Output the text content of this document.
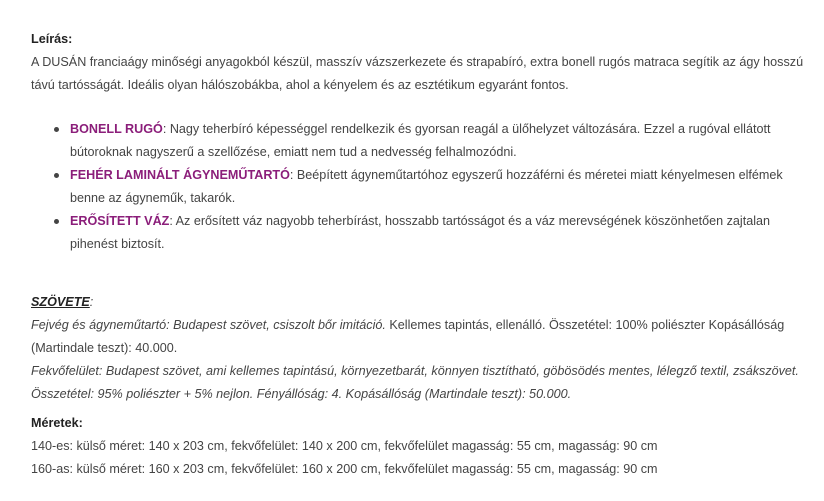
Leírás:
A DUSÁN franciaágy minőségi anyagokból készül, masszív vázszerkezete és strapabíró, extra bonell rugós matraca segítik az ágy hosszú távú tartósságát. Ideális olyan hálószobákba, ahol a kényelem és az esztétikum egyaránt fontos.
BONELL RUGÓ: Nagy teherbíró képességgel rendelkezik és gyorsan reagál a ülőhelyzet változására. Ezzel a rugóval ellátott bútoroknak nagyszerű a szellőzése, emiatt nem tud a nedvesség felhalmozódni.
FEHÉR LAMINÁLT ÁGYNEMŰTARTÓ: Beépített ágyneműtartóhoz egyszerű hozzáférni és méretei miatt kényelmesen elfémek benne az ágyneműk, takarók.
ERŐSÍTETT VÁZ: Az erősített váz nagyobb teherbírást, hosszabb tartósságot és a váz merevségének köszönhetően zajtalan pihenést biztosít.
SZÖVETE:
Fejvég és ágyneműtartó: Budapest szövet, csiszolt bőr imitáció. Kellemes tapintás, ellenálló. Összetétel: 100% poliészter Kopásállóság (Martindale teszt): 40.000.
Fekvőfelület: Budapest szövet, ami kellemes tapintású, környezetbarát, könnyen tisztítható, göbösödés mentes, lélegző textil, zsákszövet. Összetétel: 95% poliészter + 5% nejlon. Fényállóság: 4. Kopásállóság (Martindale teszt): 50.000.
Méretek:
140-es: külső méret: 140 x 203 cm, fekvőfelület: 140 x 200 cm, fekvőfelület magasság: 55 cm, magasság: 90 cm
160-as: külső méret: 160 x 203 cm, fekvőfelület: 160 x 200 cm, fekvőfelület magasság: 55 cm, magasság: 90 cm
